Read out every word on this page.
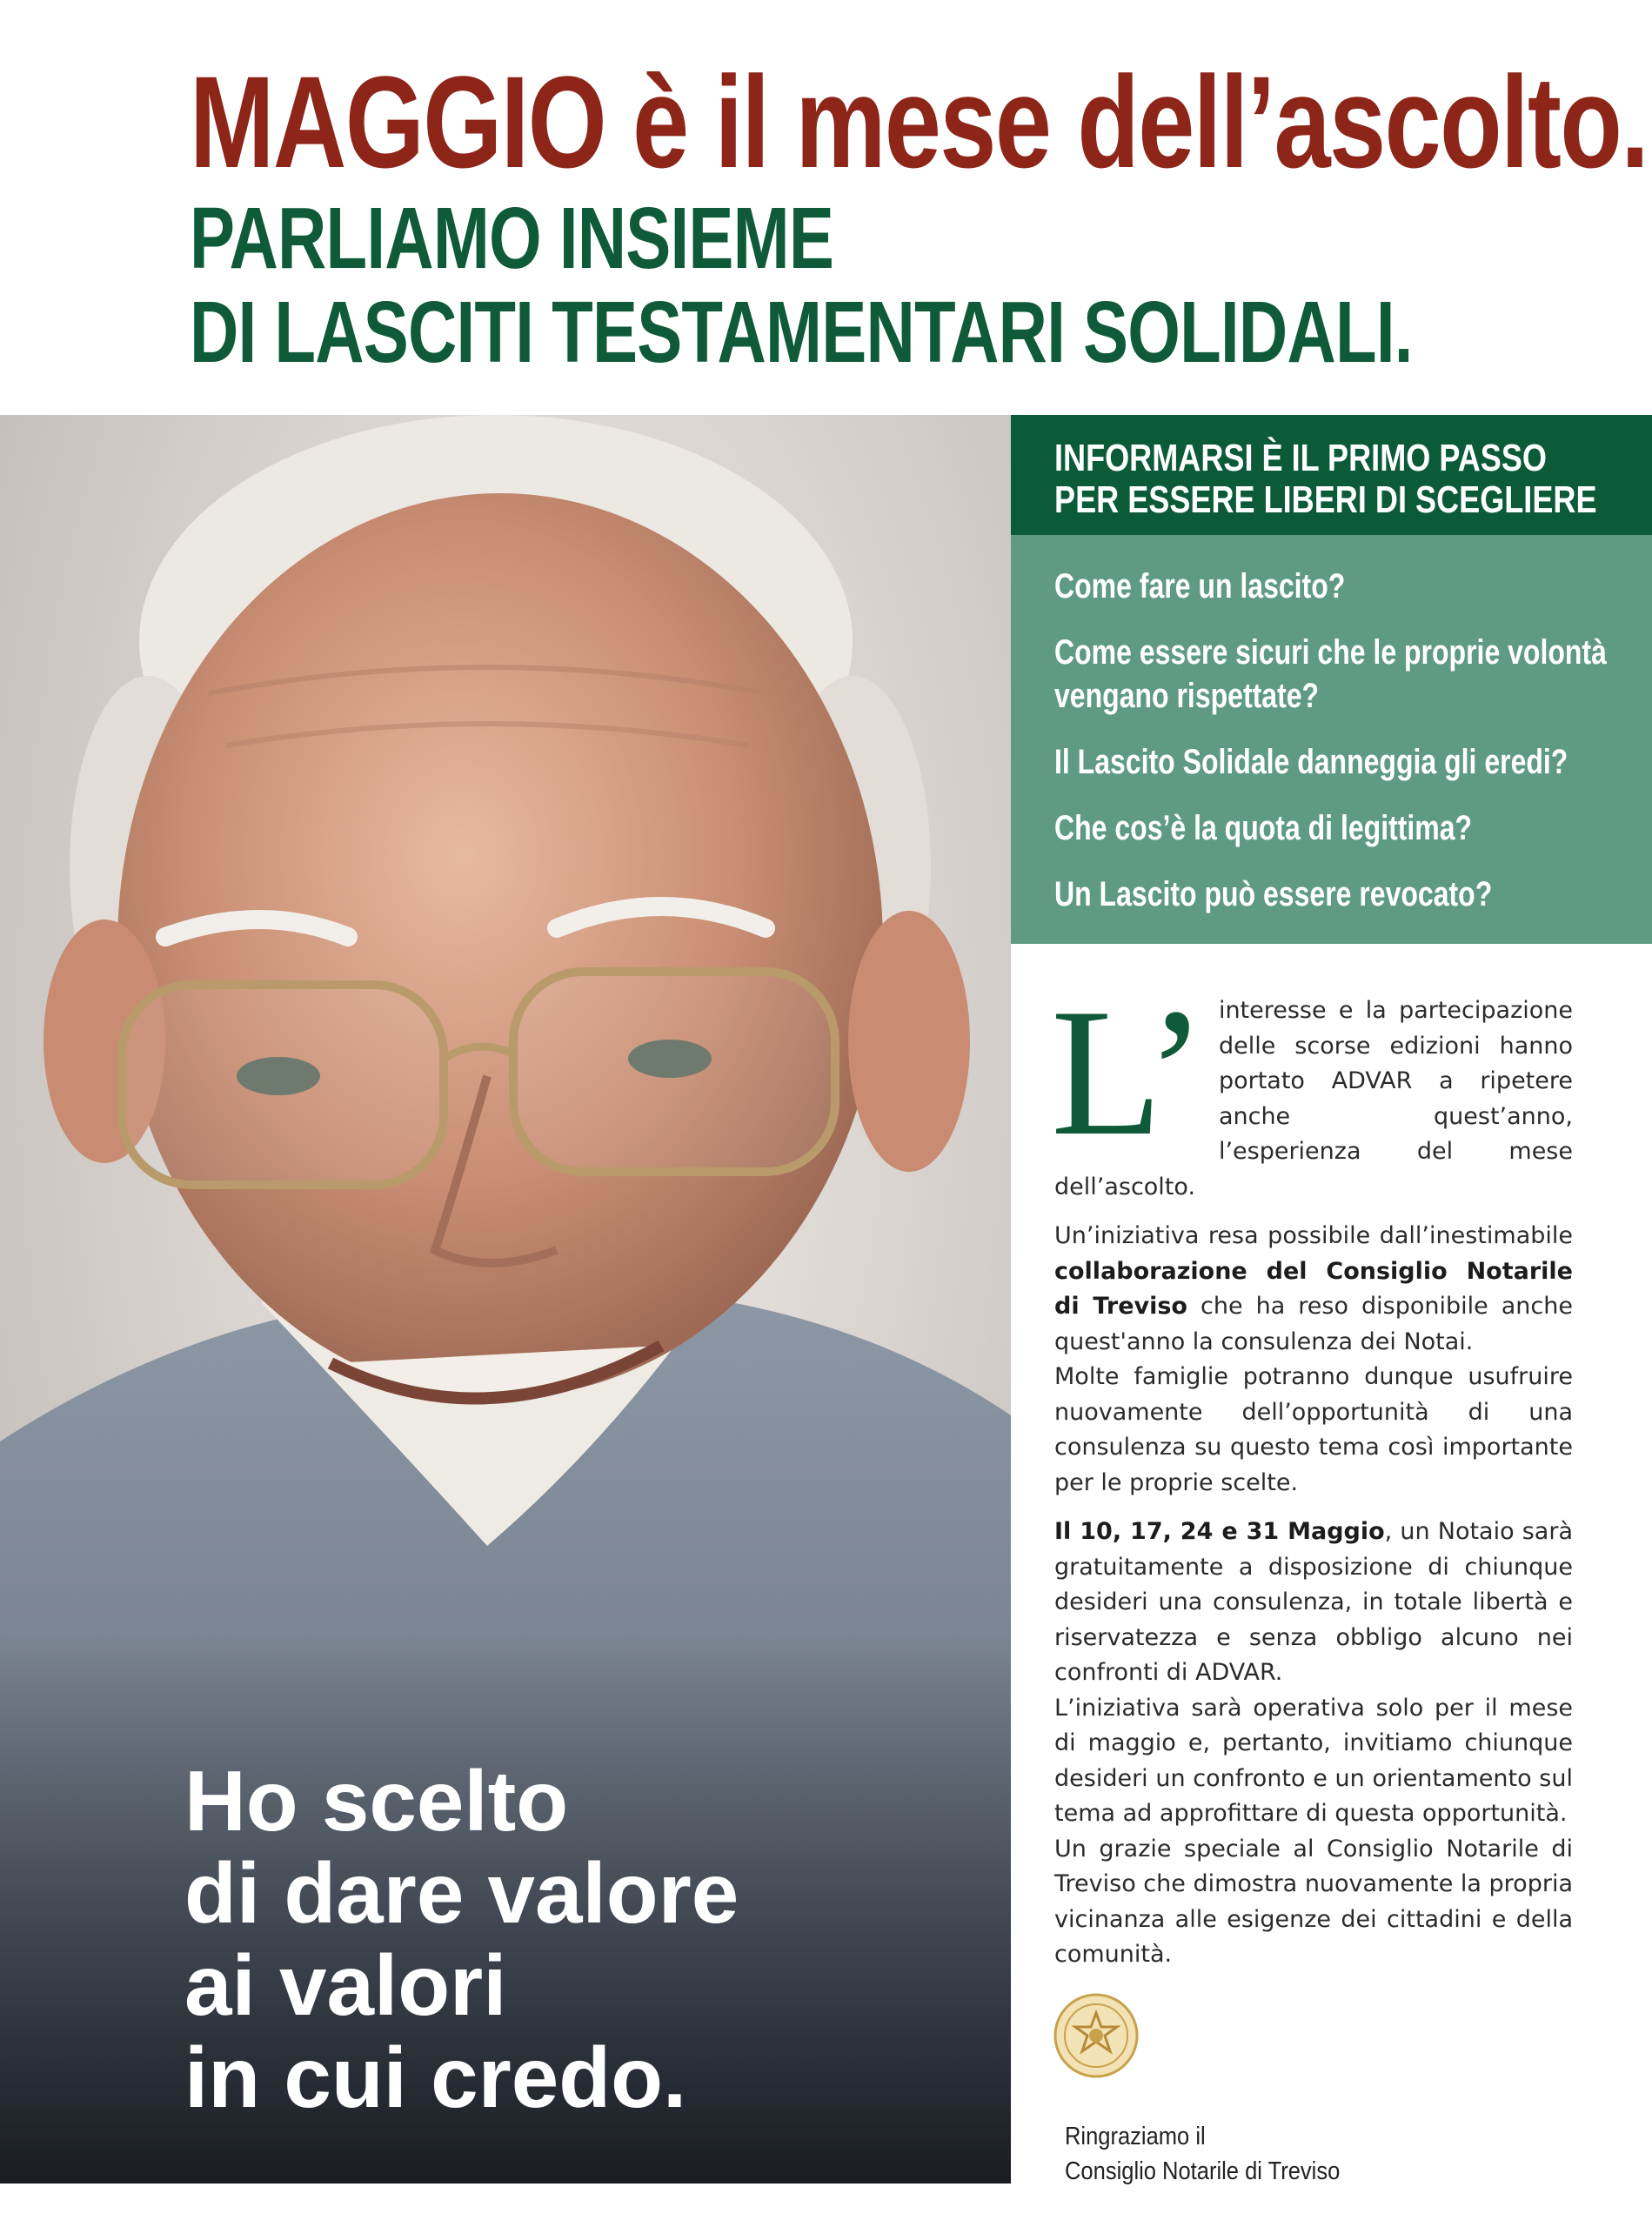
MAGGIO è il mese dell’ascolto.
PARLIAMO INSIEME
DI LASCITI TESTAMENTARI SOLIDALI.
Ho scelto
di dare valore
ai valori
in cui credo.
INFORMARSI È IL PRIMO PASSO
PER ESSERE LIBERI DI SCEGLIERE
Come fare un lascito?
Come essere sicuri che le proprie volontà
vengano rispettate?
Il Lascito Solidale danneggia gli eredi?
Che cos’è la quota di legittima?
Un Lascito può essere revocato?

L’ interesse e la partecipazione delle scorse edizioni hanno portato ADVAR a ripetere anche quest’anno, l’esperienza del mese dell’ascolto.

Un’iniziativa resa possibile dall’inestimabile collaborazione del Consiglio Notarile di Treviso che ha reso disponibile anche quest'anno la consulenza dei Notai.
Molte famiglie potranno dunque usufruire nuovamente dell’opportunità di una consulenza su questo tema così importante per le proprie scelte.

Il 10, 17, 24 e 31 Maggio, un Notaio sarà gratuitamente a disposizione di chiunque desideri una consulenza, in totale libertà e riservatezza e senza obbligo alcuno nei confronti di ADVAR.
L’iniziativa sarà operativa solo per il mese di maggio e, pertanto, invitiamo chiunque desideri un confronto e un orientamento sul tema ad approfittare di questa opportunità.
Un grazie speciale al Consiglio Notarile di Treviso che dimostra nuovamente la propria vicinanza alle esigenze dei cittadini e della comunità.

Ringraziamo il
Consiglio Notarile di Treviso
